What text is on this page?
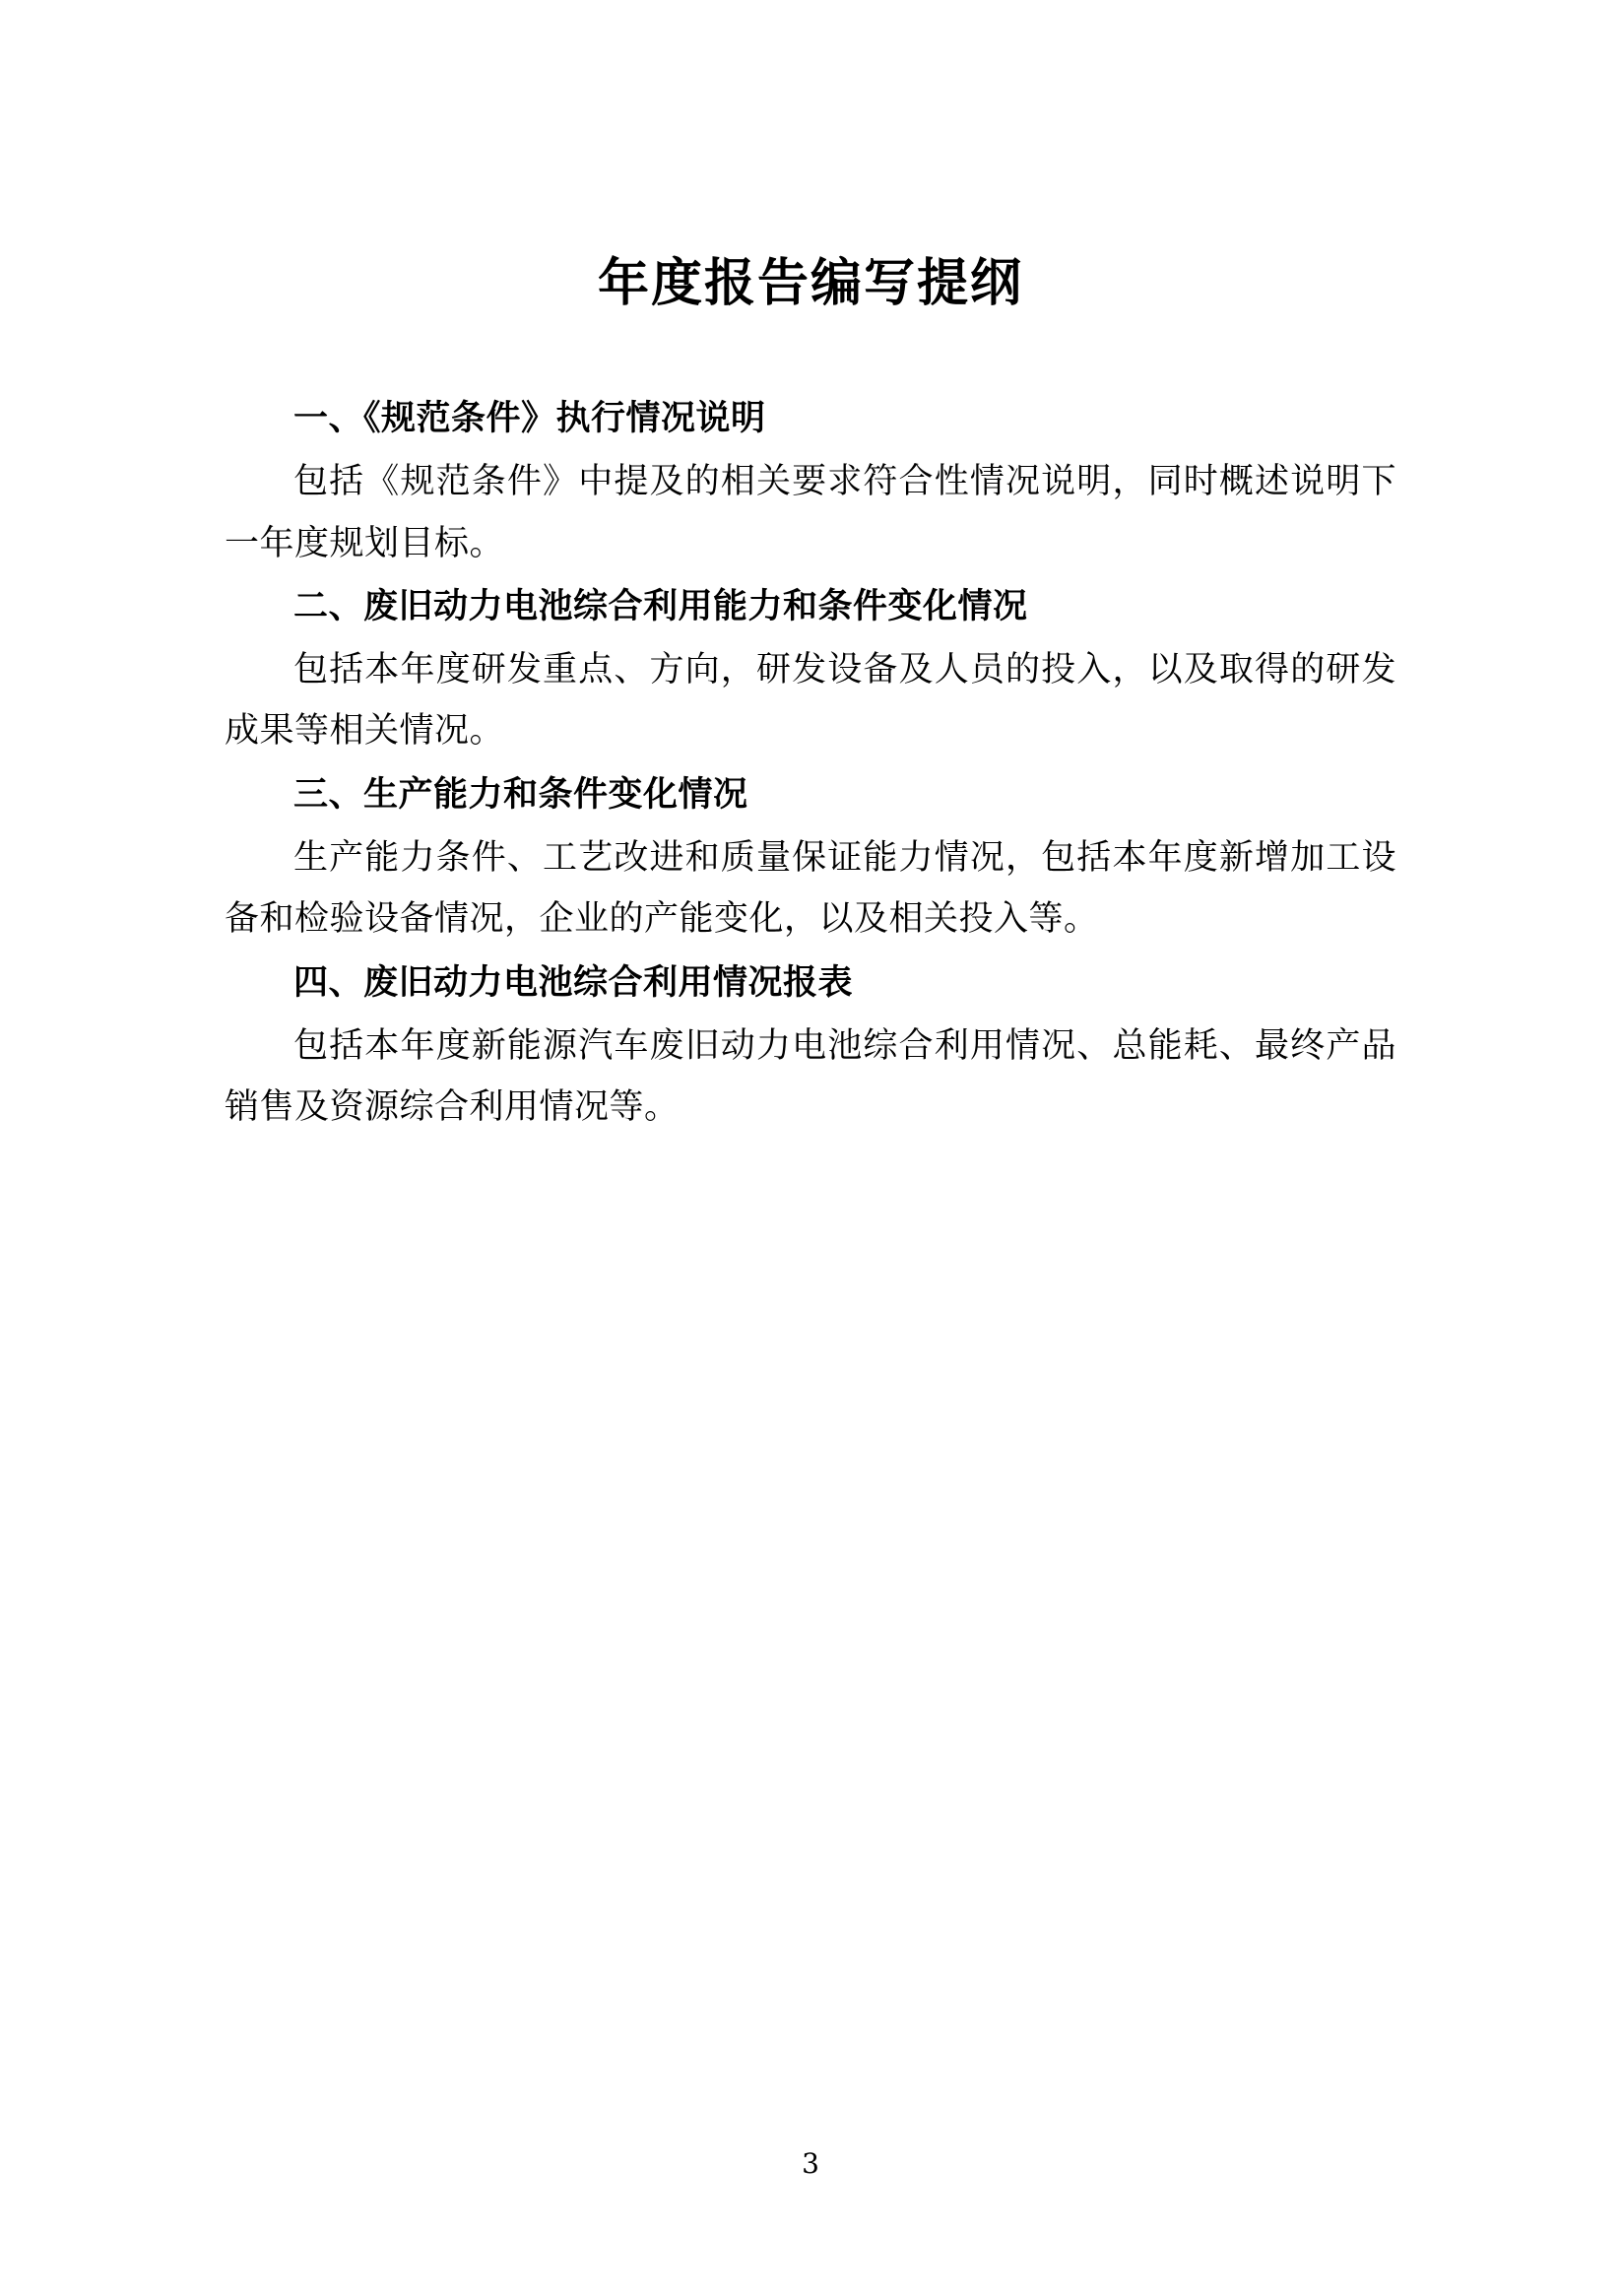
年度报告编写提纲
一、《规范条件》执行情况说明

包括《规范条件》中提及的相关要求符合性情况说明，同时概述说明下一年度规划目标。

二、废旧动力电池综合利用能力和条件变化情况

包括本年度研发重点、方向，研发设备及人员的投入，以及取得的研发成果等相关情况。

三、生产能力和条件变化情况

生产能力条件、工艺改进和质量保证能力情况，包括本年度新增加工设备和检验设备情况，企业的产能变化，以及相关投入等。

四、废旧动力电池综合利用情况报表

包括本年度新能源汽车废旧动力电池综合利用情况、总能耗、最终产品销售及资源综合利用情况等。

3
